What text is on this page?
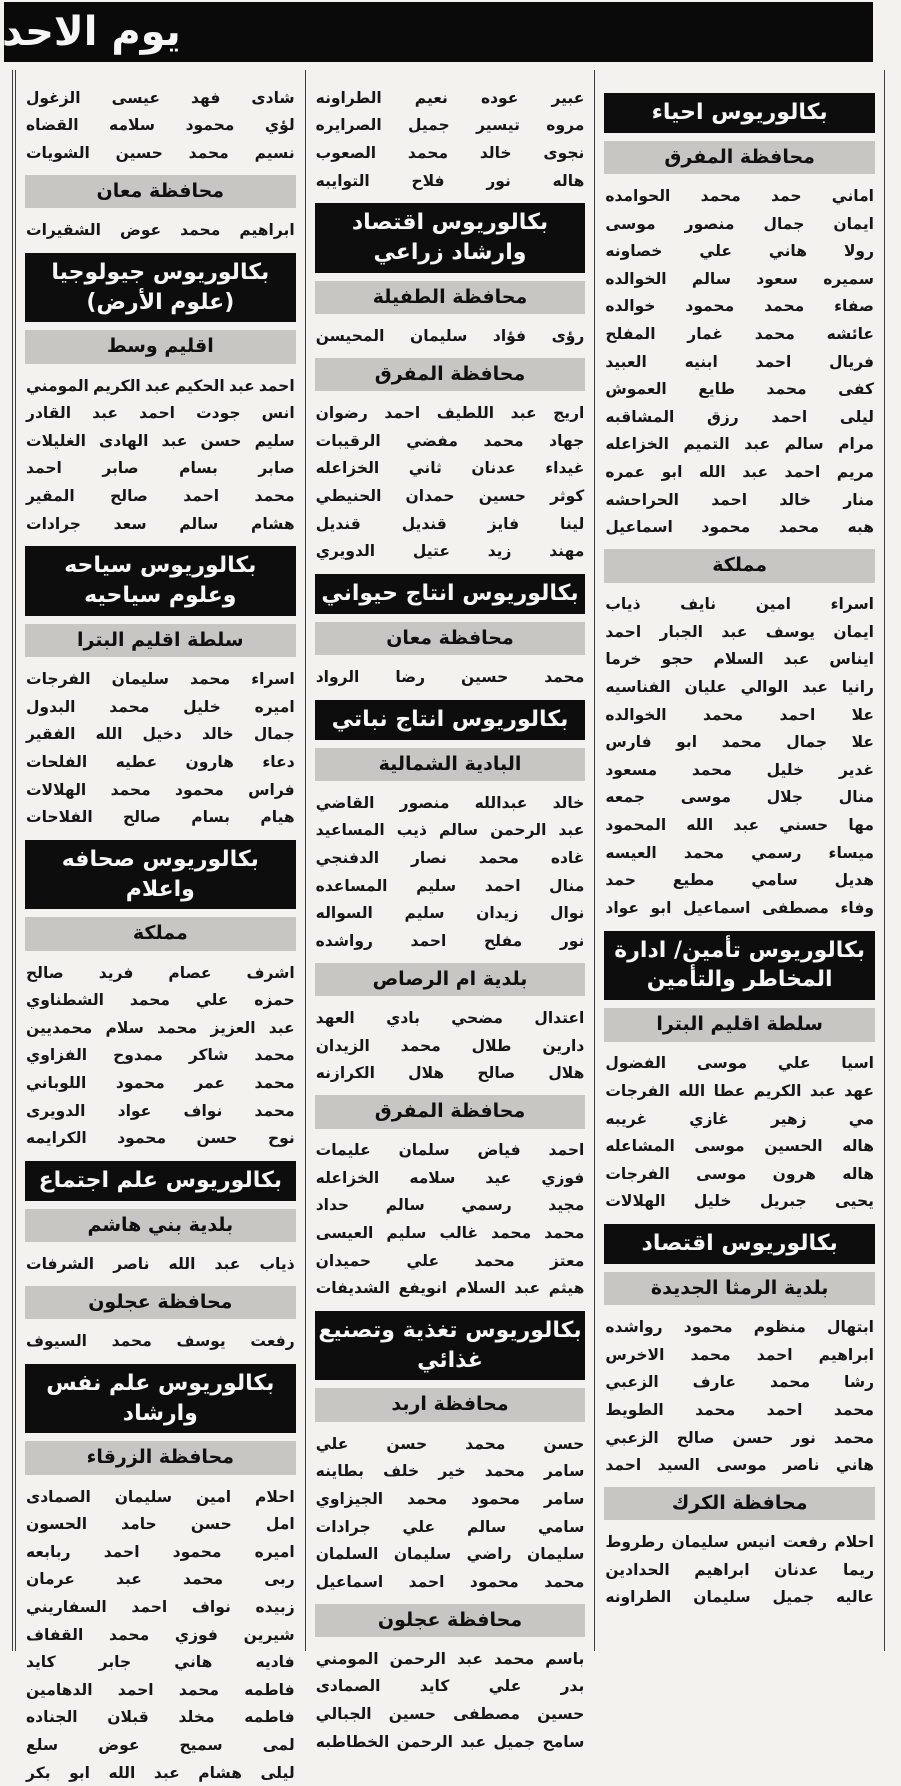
يوم الاحد
بكالوريوس احياء
محافظة المفرق
اماني
حمد
محمد
الحوامده
ايمان
جمال
منصور
موسى
رولا
هاني
علي
خصاونه
سميره
سعود
سالم
الخوالده
صفاء
محمد
محمود
خوالده
عائشه
محمد
غمار
المفلح
فريال
احمد
ابنيه
العبيد
كفى
محمد
طايع
العموش
ليلى
احمد
رزق
المشاقبه
مرام
سالم
عبد
التميم
الخزاعله
مريم
احمد
عبد
الله
ابو
عمره
منار
خالد
احمد
الحراحشه
هبه
محمد
محمود
اسماعيل
مملكة
اسراء
امين
نايف
ذياب
ايمان
يوسف
عبد
الجبار
احمد
ايناس
عبد
السلام
حجو
خرما
رانيا
عبد
الوالي
عليان
الفناسيه
علا
احمد
محمد
الخوالده
علا
جمال
محمد
ابو
فارس
غدير
خليل
محمد
مسعود
منال
جلال
موسى
جمعه
مها
حسني
عبد
الله
المحمود
ميساء
رسمي
محمد
العيسه
هديل
سامي
مطيع
حمد
وفاء
مصطفى
اسماعيل
ابو
عواد
بكالوريوس تأمين/ ادارة المخاطر والتأمين
سلطة اقليم البترا
اسيا
علي
موسى
الفضول
عهد
عبد
الكريم
عطا
الله
الفرجات
مي
زهير
غازي
غريبه
هاله
الحسين
موسى
المشاعله
هاله
هرون
موسى
الفرجات
يحيى
جبريل
خليل
الهلالات
بكالوريوس اقتصاد
بلدية الرمثا الجديدة
ابتهال
منظوم
محمود
رواشده
ابراهيم
احمد
محمد
الاخرس
رشا
محمد
عارف
الزعبي
محمد
احمد
محمد
الطويط
محمد
نور
حسن
صالح
الزعبي
هاني
ناصر
موسى
السيد
احمد
محافظة الكرك
احلام
رفعت
انيس
سليمان
رطروط
ريما
عدنان
ابراهيم
الحدادين
عاليه
جميل
سليمان
الطراونه
عبير
عوده
نعيم
الطراونه
مروه
تيسير
جميل
الصرايره
نجوى
خالد
محمد
الصعوب
هاله
نور
فلاح
التوايبه
بكالوريوس اقتصاد وارشاد زراعي
محافظة الطفيلة
رؤى
فؤاد
سليمان
المحيسن
محافظة المفرق
اريج
عبد
اللطيف
احمد
رضوان
جهاد
محمد
مفضي
الرقيبات
غيداء
عدنان
ثاني
الخزاعله
كوثر
حسين
حمدان
الحنيطي
لينا
فايز
قنديل
قنديل
مهند
زيد
عتيل
الدويري
بكالوريوس انتاج حيواني
محافظة معان
محمد
حسين
رضا
الرواد
بكالوريوس انتاج نباتي
البادية الشمالية
خالد
عبدالله
منصور
القاضي
عبد
الرحمن
سالم
ذيب
المساعيد
غاده
محمد
نصار
الدفنجي
منال
احمد
سليم
المساعده
نوال
زيدان
سليم
السواله
نور
مفلح
احمد
رواشده
بلدية ام الرصاص
اعتدال
مضحي
بادي
العهد
دارين
طلال
محمد
الزيدان
هلال
صالح
هلال
الكرازنه
محافظة المفرق
احمد
فياض
سلمان
عليمات
فوزي
عيد
سلامه
الخزاعله
مجيد
رسمي
سالم
حداد
محمد
محمد
غالب
سليم
العيسى
معتز
محمد
علي
حميدان
هيثم
عبد
السلام
انويفع
الشديفات
بكالوريوس تغذية وتصنيع غذائي
محافظة اربد
حسن
محمد
حسن
علي
سامر
محمد
خير
خلف
بطاينه
سامر
محمود
محمد
الجيزاوي
سامي
سالم
علي
جرادات
سليمان
راضي
سليمان
السلمان
محمد
محمود
احمد
اسماعيل
محافظة عجلون
باسم
محمد
عبد
الرحمن
المومني
بدر
علي
كايد
الصمادى
حسين
مصطفى
حسين
الجبالي
سامح
جميل
عبد
الرحمن
الخطاطبه
شادى
فهد
عيسى
الزغول
لؤي
محمود
سلامه
القضاه
نسيم
محمد
حسين
الشويات
محافظة معان
ابراهيم
محمد
عوض
الشقيرات
بكالوريوس جيولوجيا (علوم الأرض)
اقليم وسط
احمد
عبد
الحكيم
عبد
الكريم
المومني
انس
جودت
احمد
عبد
القادر
سليم
حسن
عبد
الهادى
الغليلات
صابر
بسام
صابر
احمد
محمد
احمد
صالح
المقير
هشام
سالم
سعد
جرادات
بكالوريوس سياحه وعلوم سياحيه
سلطة اقليم البترا
اسراء
محمد
سليمان
الفرجات
اميره
خليل
محمد
البدول
جمال
خالد
دخيل
الله
الفقير
دعاء
هارون
عطيه
الفلحات
فراس
محمود
محمد
الهلالات
هيام
بسام
صالح
الفلاحات
بكالوريوس صحافه واعلام
مملكة
اشرف
عصام
فريد
صالح
حمزه
علي
محمد
الشطناوي
عبد
العزيز
محمد
سلام
محمديين
محمد
شاكر
ممدوح
الفزاوي
محمد
عمر
محمود
اللوباني
محمد
نواف
عواد
الدويرى
نوح
حسن
محمود
الكرايمه
بكالوريوس علم اجتماع
بلدية بني هاشم
ذياب
عبد
الله
ناصر
الشرفات
محافظة عجلون
رفعت
يوسف
محمد
السيوف
بكالوريوس علم نفس وارشاد
محافظة الزرقاء
احلام
امين
سليمان
الصمادى
امل
حسن
حامد
الحسون
اميره
محمود
احمد
ربابعه
ربى
محمد
عبد
عرمان
زبيده
نواف
احمد
السفاريني
شيرين
فوزي
محمد
القفاف
فاديه
هاني
جابر
كايد
فاطمه
محمد
احمد
الدهامين
فاطمه
مخلد
قبلان
الجناده
لمى
سميح
عوض
سلع
ليلى
هشام
عبد
الله
ابو
بكر
